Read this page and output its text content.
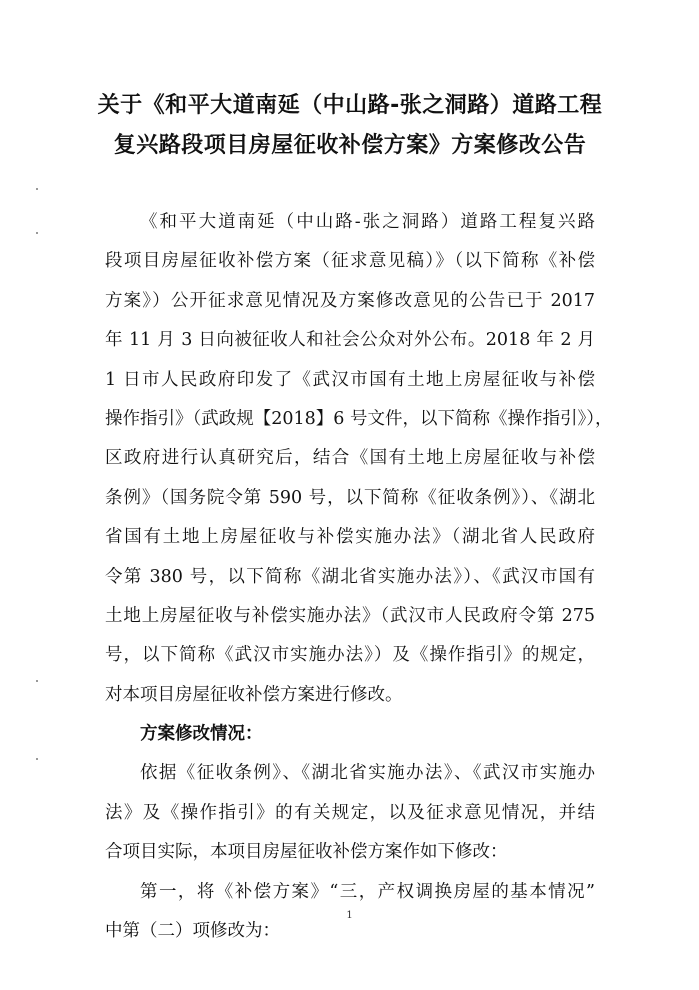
关于《和平大道南延（中山路-张之洞路）道路工程
复兴路段项目房屋征收补偿方案》方案修改公告
《和平大道南延（中山路-张之洞路）道路工程复兴路
段项目房屋征收补偿方案（征求意见稿）》（以下简称《补偿
方案》）公开征求意见情况及方案修改意见的公告已于 2017
年 11 月 3 日向被征收人和社会公众对外公布。2018 年 2 月
1 日市人民政府印发了《武汉市国有土地上房屋征收与补偿
操作指引》（武政规【2018】6 号文件，以下简称《操作指引》），
区政府进行认真研究后，结合《国有土地上房屋征收与补偿
条例》（国务院令第 590 号，以下简称《征收条例》）、《湖北
省国有土地上房屋征收与补偿实施办法》（湖北省人民政府
令第 380 号，以下简称《湖北省实施办法》）、《武汉市国有
土地上房屋征收与补偿实施办法》（武汉市人民政府令第 275
号，以下简称《武汉市实施办法》）及《操作指引》的规定，
对本项目房屋征收补偿方案进行修改。
方案修改情况：
依据《征收条例》、《湖北省实施办法》、《武汉市实施办
法》及《操作指引》的有关规定，以及征求意见情况，并结
合项目实际，本项目房屋征收补偿方案作如下修改：
第一，将《补偿方案》“三，产权调换房屋的基本情况”
中第（二）项修改为：
1
